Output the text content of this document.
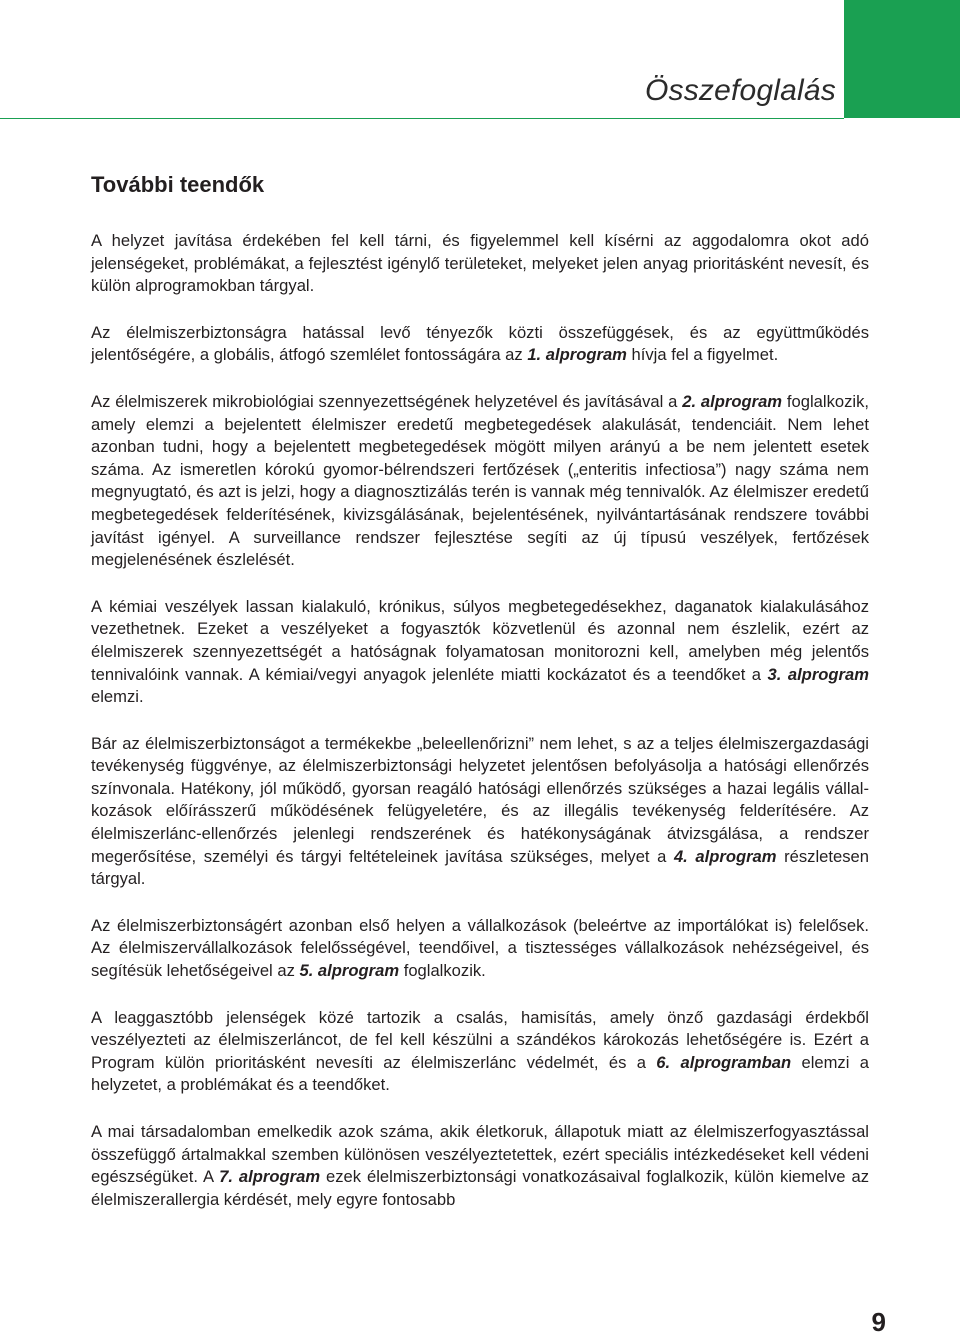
Összefoglalás
További teendők

A helyzet javítása érdekében fel kell tárni, és figyelemmel kell kísérni az aggodalomra okot adó jelenségeket, problémákat, a fejlesztést igénylő területeket, melyeket jelen anyag prioritásként nevesít, és külön alprogramokban tárgyal.

Az élelmiszerbiztonságra hatással levő tényezők közti összefüggések, és az együttműködés jelentőségére, a globális, átfogó szemlélet fontosságára az 1. alprogram hívja fel a figyelmet.

Az élelmiszerek mikrobiológiai szennyezettségének helyzetével és javításával a 2. alprogram foglalkozik, amely elemzi a bejelentett élelmiszer eredetű megbetegedések alakulását, tendenciáit. Nem lehet azonban tudni, hogy a bejelentett megbetegedések mögött milyen arányú a be nem jelentett esetek száma. Az ismeretlen kórokú gyomor-bélrendszeri fertőzések („enteritis infectiosa”) nagy száma nem megnyugtató, és azt is jelzi, hogy a diagnosztizálás terén is vannak még tennivalók. Az élelmiszer eredetű megbetegedések felderítésének, kivizsgálásának, bejelentésének, nyilvántartásának rendszere további javítást igényel. A surveillance rendszer fejlesztése segíti az új típusú veszélyek, fertőzések megjelenésének észlelését.

A kémiai veszélyek lassan kialakuló, krónikus, súlyos megbetegedésekhez, daganatok kialakulásához vezethetnek. Ezeket a veszélyeket a fogyasztók közvetlenül és azonnal nem észlelik, ezért az élelmiszerek szennyezettségét a hatóságnak folyamatosan monitorozni kell, amelyben még jelentős tennivalóink vannak. A kémiai/vegyi anyagok jelenléte miatti kockázatot és a teendőket a 3. alprogram elemzi.

Bár az élelmiszerbiztonságot a termékekbe „beleellenőrizni” nem lehet, s az a teljes élelmiszergazdasági tevékenység függvénye, az élelmiszerbiztonsági helyzetet jelentősen befolyásolja a hatósági ellenőrzés színvonala. Hatékony, jól működő, gyorsan reagáló hatósági ellenőrzés szükséges a hazai legális vállal-kozások előírásszerű működésének felügyeletére, és az illegális tevékenység felderítésére. Az élelmiszerlánc-ellenőrzés jelenlegi rendszerének és hatékonyságának átvizsgálása, a rendszer megerősítése, személyi és tárgyi feltételeinek javítása szükséges, melyet a 4. alprogram részletesen tárgyal.

Az élelmiszerbiztonságért azonban első helyen a vállalkozások (beleértve az importálókat is) felelősek. Az élelmiszervállalkozások felelősségével, teendőivel, a tisztességes vállalkozások nehézségeivel, és segítésük lehetőségeivel az 5. alprogram foglalkozik.

A leaggasztóbb jelenségek közé tartozik a csalás, hamisítás, amely önző gazdasági érdekből veszélyezteti az élelmiszerláncot, de fel kell készülni a szándékos károkozás lehetőségére is. Ezért a Program külön prioritásként nevesíti az élelmiszerlánc védelmét, és a 6. alprogramban elemzi a helyzetet, a problémákat és a teendőket.

A mai társadalomban emelkedik azok száma, akik életkoruk, állapotuk miatt az élelmiszerfogyasztással összefüggő ártalmakkal szemben különösen veszélyeztetettek, ezért speciális intézkedéseket kell védeni egészségüket. A 7. alprogram ezek élelmiszerbiztonsági vonatkozásaival foglalkozik, külön kiemelve az élelmiszerallergia kérdését, mely egyre fontosabb

9
